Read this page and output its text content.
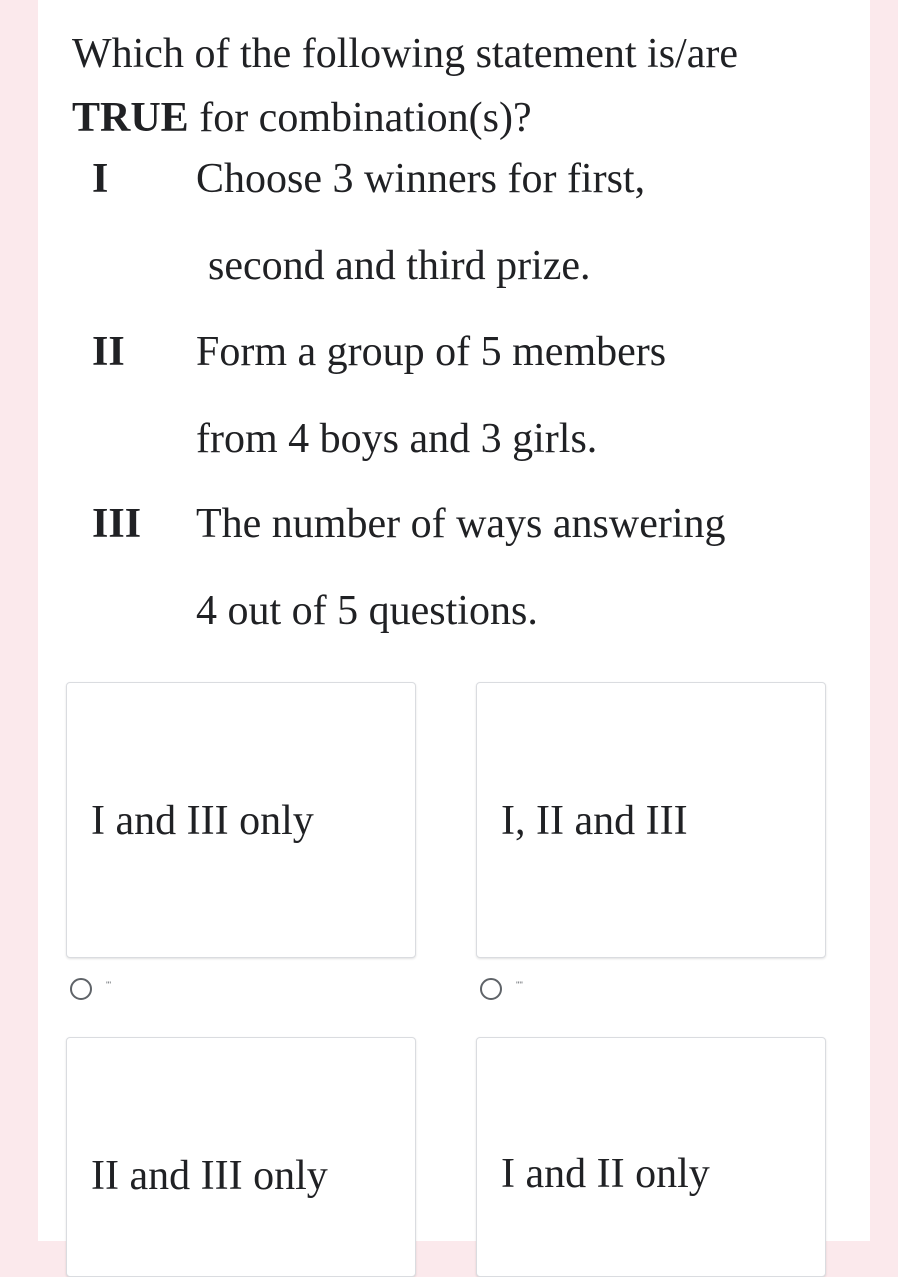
Which of the following statement is/are TRUE for combination(s)?
I Choose 3 winners for first,
second and third prize.
II Form a group of 5 members
from 4 boys and 3 girls.
III The number of ways answering
4 out of 5 questions.
I and III only	I, II and III
'''	''''
II and III only	I and II only
